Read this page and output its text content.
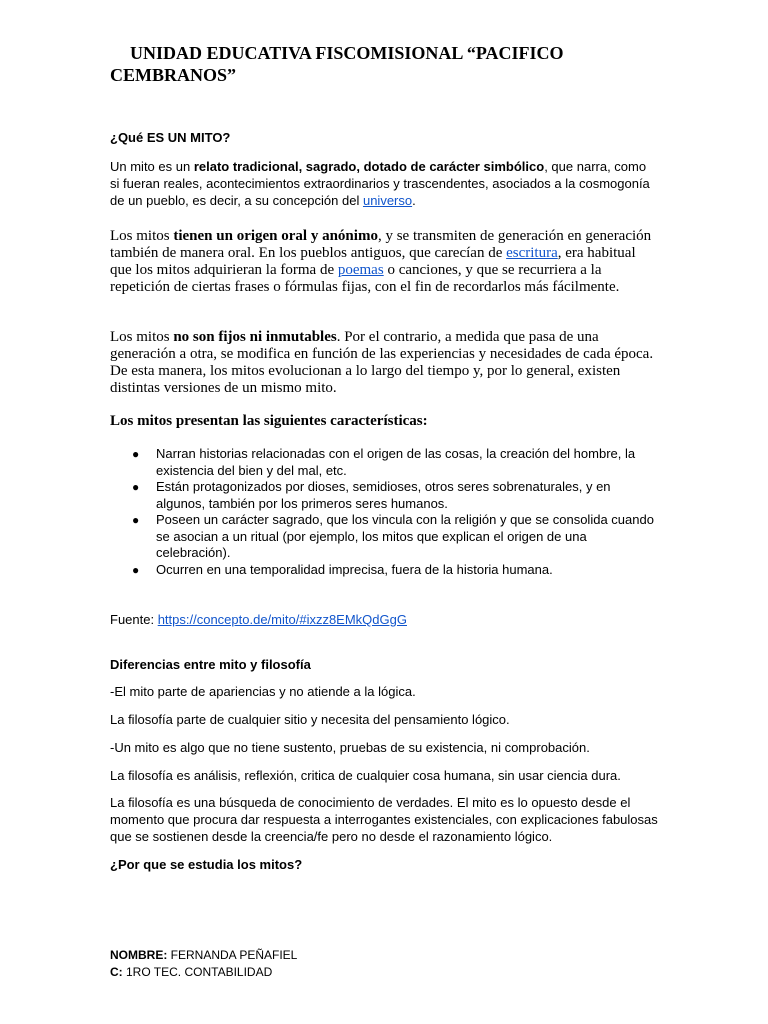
UNIDAD EDUCATIVA FISCOMISIONAL “PACIFICO
CEMBRANOS”
¿Qué ES UN MITO?

Un mito es un relato tradicional, sagrado, dotado de carácter simbólico, que narra, como si fueran reales, acontecimientos extraordinarios y trascendentes, asociados a la cosmogonía de un pueblo, es decir, a su concepción del universo.

Los mitos tienen un origen oral y anónimo, y se transmiten de generación en generación también de manera oral. En los pueblos antiguos, que carecían de escritura, era habitual que los mitos adquirieran la forma de poemas o canciones, y que se recurriera a la repetición de ciertas frases o fórmulas fijas, con el fin de recordarlos más fácilmente.

Los mitos no son fijos ni inmutables. Por el contrario, a medida que pasa de una generación a otra, se modifica en función de las experiencias y necesidades de cada época. De esta manera, los mitos evolucionan a lo largo del tiempo y, por lo general, existen distintas versiones de un mismo mito.

Los mitos presentan las siguientes características:

● Narran historias relacionadas con el origen de las cosas, la creación del hombre, la existencia del bien y del mal, etc.
● Están protagonizados por dioses, semidioses, otros seres sobrenaturales, y en algunos, también por los primeros seres humanos.
● Poseen un carácter sagrado, que los vincula con la religión y que se consolida cuando se asocian a un ritual (por ejemplo, los mitos que explican el origen de una celebración).
● Ocurren en una temporalidad imprecisa, fuera de la historia humana.

Fuente: https://concepto.de/mito/#ixzz8EMkQdGgG

Diferencias entre mito y filosofía

-El mito parte de apariencias y no atiende a la lógica.

La filosofía parte de cualquier sitio y necesita del pensamiento lógico.

-Un mito es algo que no tiene sustento, pruebas de su existencia, ni comprobación.

La filosofía es análisis, reflexión, critica de cualquier cosa humana, sin usar ciencia dura.

La filosofía es una búsqueda de conocimiento de verdades. El mito es lo opuesto desde el momento que procura dar respuesta a interrogantes existenciales, con explicaciones fabulosas que se sostienen desde la creencia/fe pero no desde el razonamiento lógico.

¿Por que se estudia los mitos?
NOMBRE: FERNANDA PEÑAFIEL
C: 1RO TEC. CONTABILIDAD
